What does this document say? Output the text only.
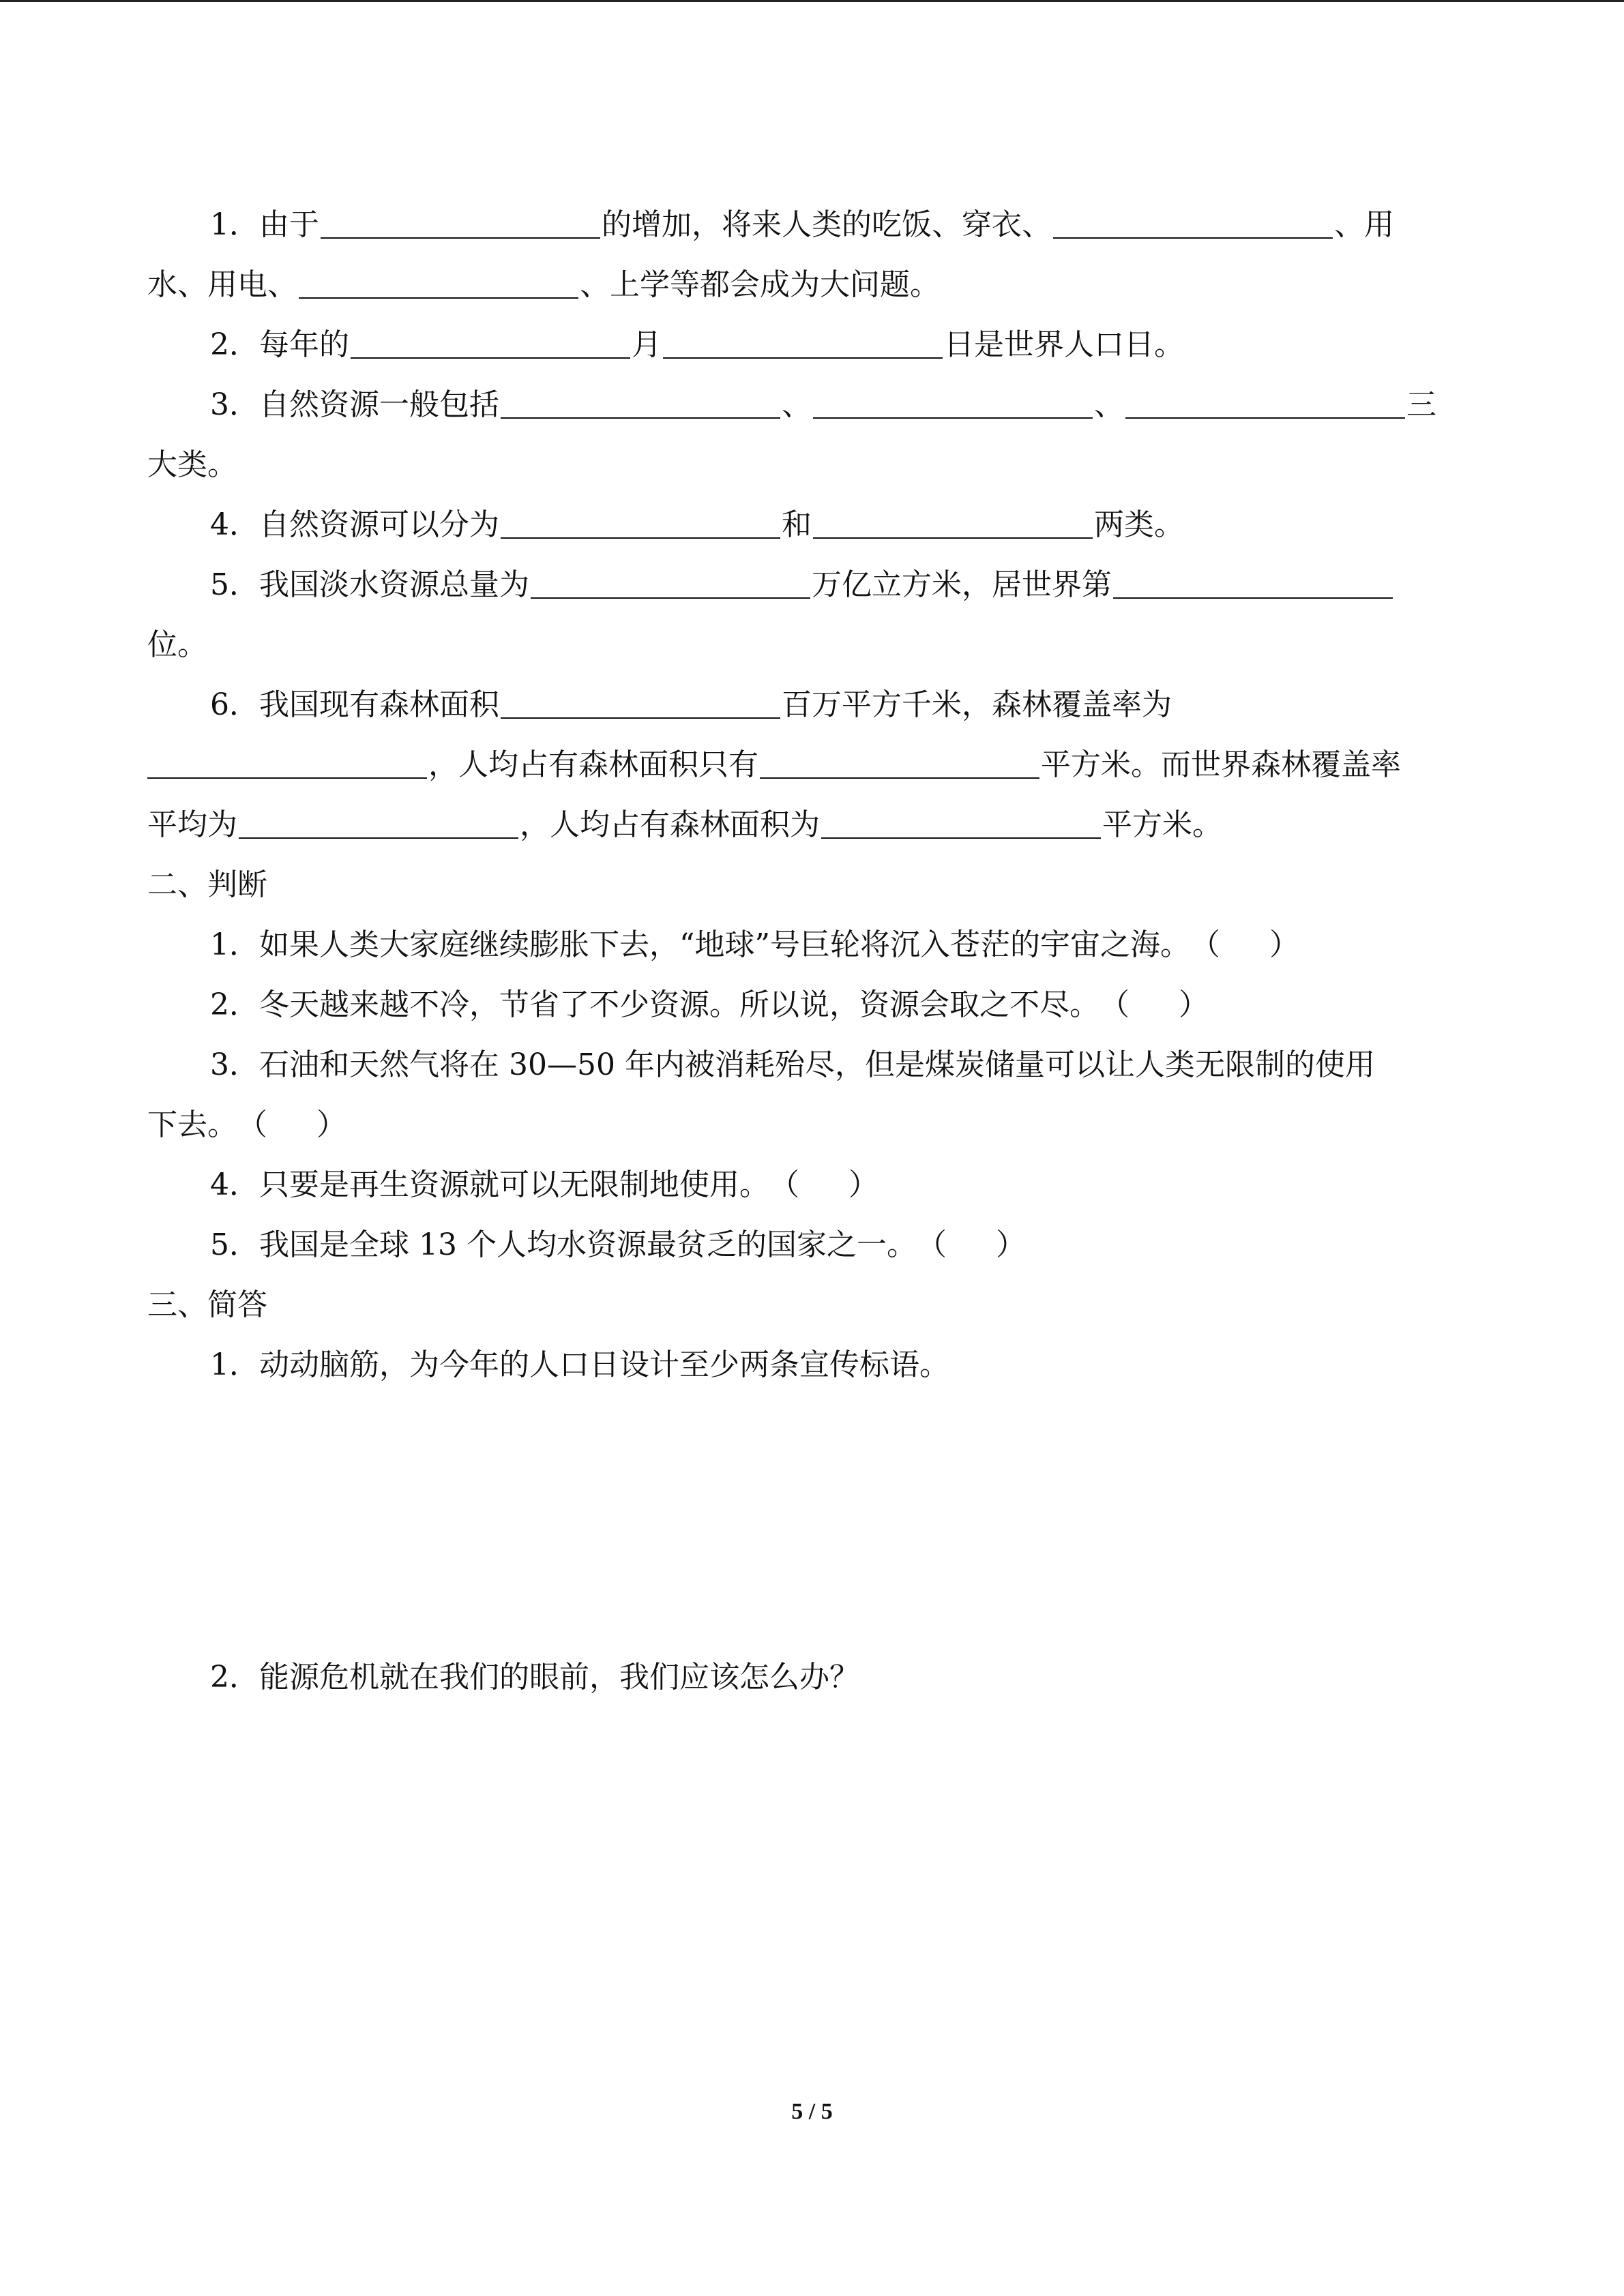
1．由于	的增加，将来人类的吃饭、穿衣、	、用
水、用电、	、上学等都会成为大问题。
2．每年的	月	日是世界人口日。
3．自然资源一般包括	、	、	三
大类。
4．自然资源可以分为	和	两类。
5．我国淡水资源总量为	万亿立方米，居世界第
位。
6．我国现有森林面积	百万平方千米，森林覆盖率为
，人均占有森林面积只有	平方米。而世界森林覆盖率
平均为	，人均占有森林面积为	平方米。
二、判断
1．如果人类大家庭继续膨胀下去，“地球”号巨轮将沉入苍茫的宇宙之海。（ ）
2．冬天越来越不冷，节省了不少资源。所以说，资源会取之不尽。（ ）
3．石油和天然气将在 30—50 年内被消耗殆尽，但是煤炭储量可以让人类无限制的使用
下去。（ ）
4．只要是再生资源就可以无限制地使用。（ ）
5．我国是全球 13 个人均水资源最贫乏的国家之一。（ ）
三、简答
1．动动脑筋，为今年的人口日设计至少两条宣传标语。
2．能源危机就在我们的眼前，我们应该怎么办？
5 / 5
